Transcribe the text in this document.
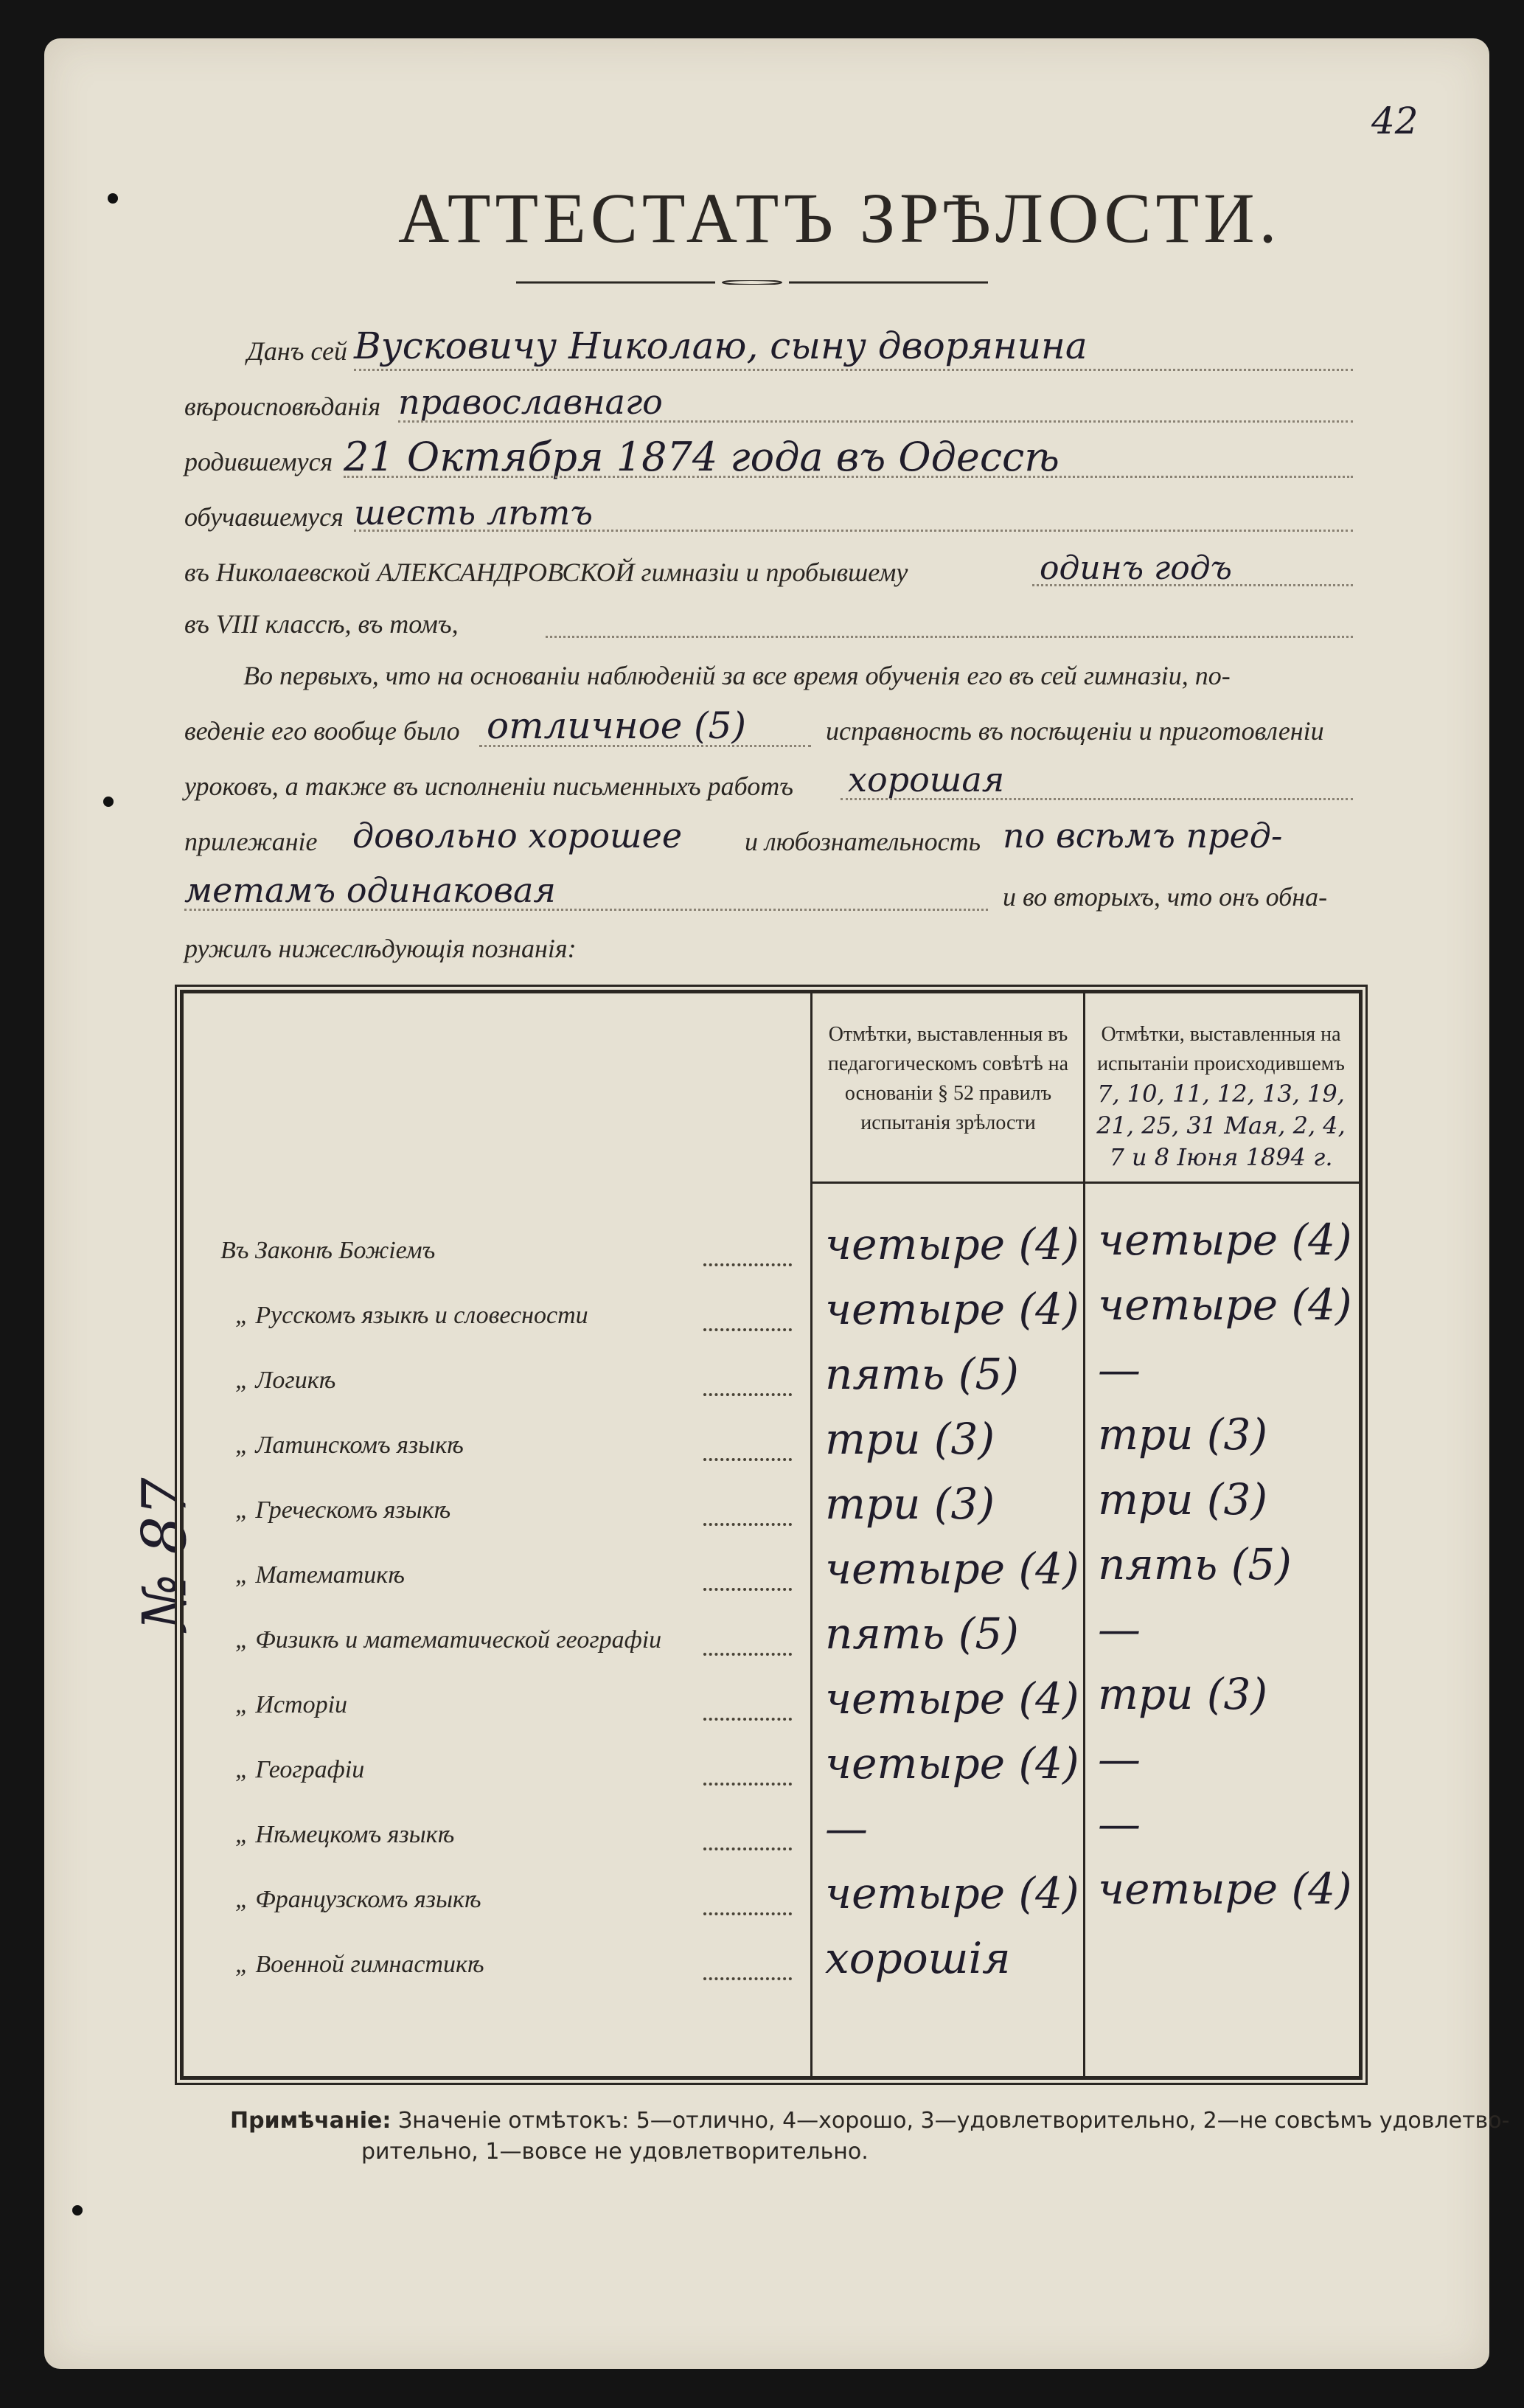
42
АТТЕСТАТЪ ЗРѢЛОСТИ.
№ 87
Данъ сей Вусковичу Николаю, сыну дворянина
вѣроисповѣданія православнаго
родившемуся 21 Октября 1874 года въ Одессѣ
обучавшемуся шесть лѣтъ
въ Николаевской АЛЕКСАНДРОВСКОЙ гимназіи и пробывшему	одинъ годъ
въ VIII классѣ, въ томъ,
Во первыхъ, что на основаніи наблюденій за все время обученія его въ сей гимназіи, по-
веденіе его вообще было отличное (5)	исправность въ посѣщеніи и приготовленіи
уроковъ, а также въ исполненіи письменныхъ работъ хорошая
прилежаніе довольно хорошее и любознательность по всѣмъ пред-
метамъ одинаковая	и во вторыхъ, что онъ обна-
ружилъ нижеслѣдующія познанія:
Отмѣтки, выставленныя въ педагогическомъ совѣтѣ на основаніи § 52 правилъ испытанія зрѣлости
Отмѣтки, выставленныя на испытаніи происходившемъ 7, 10, 11, 12, 13, 19, 21, 25, 31 Мая, 2, 4, 7 и 8 Іюня 1894 г.
Въ Законѣ Божіемъ	четыре (4) четыре (4)
„ Русскомъ языкѣ и словесности	четыре (4) четыре (4)
„ Логикѣ	пять (5) —
„ Латинскомъ языкѣ	три (3) три (3)
„ Греческомъ языкѣ	три (3) три (3)
„ Математикѣ	четыре (4) пять (5)
„ Физикѣ и математической географіи	пять (5) —
„ Исторіи	четыре (4) три (3)
„ Географіи	четыре (4) —
„ Нѣмецкомъ языкѣ	—	—
„ Французскомъ языкѣ	четыре (4) четыре (4)
„ Военной гимнастикѣ	хорошія
Примѣчаніе: Значеніе отмѣтокъ: 5—отлично, 4—хорошо, 3—удовлетворительно, 2—не совсѣмъ удовлетво-
рительно, 1—вовсе не удовлетворительно.
